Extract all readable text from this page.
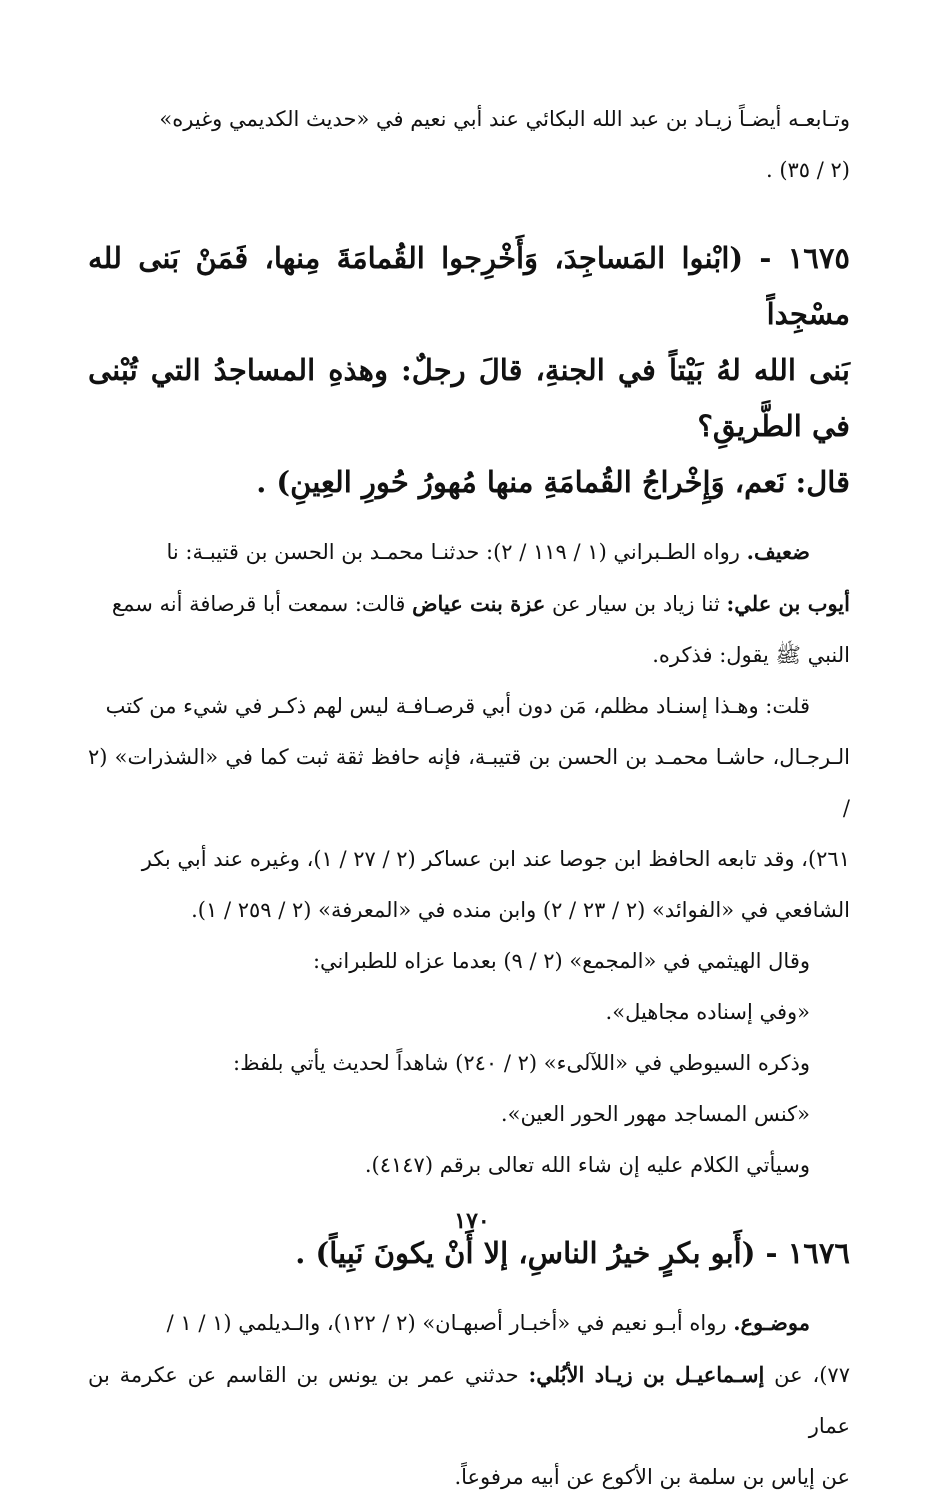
وتـابعـه أيضـاً زيـاد بن عبد الله البكائي عند أبي نعيم في «حديث الكديمي وغيره»

(٢ / ٣٥) .

١٦٧٥ - (ابْنوا المَساجِدَ، وَأَخْرِجوا القُمامَةَ مِنها، فَمَنْ بَنى لله مسْجِداً

بَنى الله لهُ بَيْتاً في الجنةِ، قالَ رجلٌ: وهذهِ المساجدُ التي تُبْنى في الطَّريقِ؟

قال: نَعم، وَإِخْراجُ القُمامَةِ منها مُهورُ حُورِ العِينِ) .

ضعيف. رواه الطـبراني (١ / ١١٩ / ٢): حدثنـا محمـد بن الحسن بن قتيبـة: نا

أيوب بن علي: ثنا زياد بن سيار عن عزة بنت عياض قالت: سمعت أبا قرصافة أنه سمع

النبي ﷺ يقول: فذكره.

قلت: وهـذا إسنـاد مظلم، مَن دون أبي قرصـافـة ليس لهم ذكـر في شيء من كتب

الـرجـال، حاشـا محمـد بن الحسن بن قتيبـة، فإنه حافظ ثقة ثبت كما في «الشذرات» (٢ /

٢٦١)، وقد تابعه الحافظ ابن جوصا عند ابن عساكر (٢ / ٢٧ / ١)، وغيره عند أبي بكر

الشافعي في «الفوائد» (٢ / ٢٣ / ٢) وابن منده في «المعرفة» (٢ / ٢٥٩ / ١).

وقال الهيثمي في «المجمع» (٢ / ٩) بعدما عزاه للطبراني:

«وفي إسناده مجاهيل».

وذكره السيوطي في «اللآلىء» (٢ / ٢٤٠) شاهداً لحديث يأتي بلفظ:

«كنس المساجد مهور الحور العين».

وسيأتي الكلام عليه إن شاء الله تعالى برقم (٤١٤٧).

١٦٧٦ - (أَبو بكرٍ خيرُ الناسِ، إلا أَنْ يكونَ نَبِياً) .

موضـوع. رواه أبـو نعيم في «أخبـار أصبهـان» (٢ / ١٢٢)، والـديلمي (١ / ١ /

٧٧)، عن إسـماعيـل بن زيـاد الأبُلي: حدثني عمر بن يونس بن القاسم عن عكرمة بن عمار

عن إياس بن سلمة بن الأكوع عن أبيه مرفوعاً.

١٧٠
